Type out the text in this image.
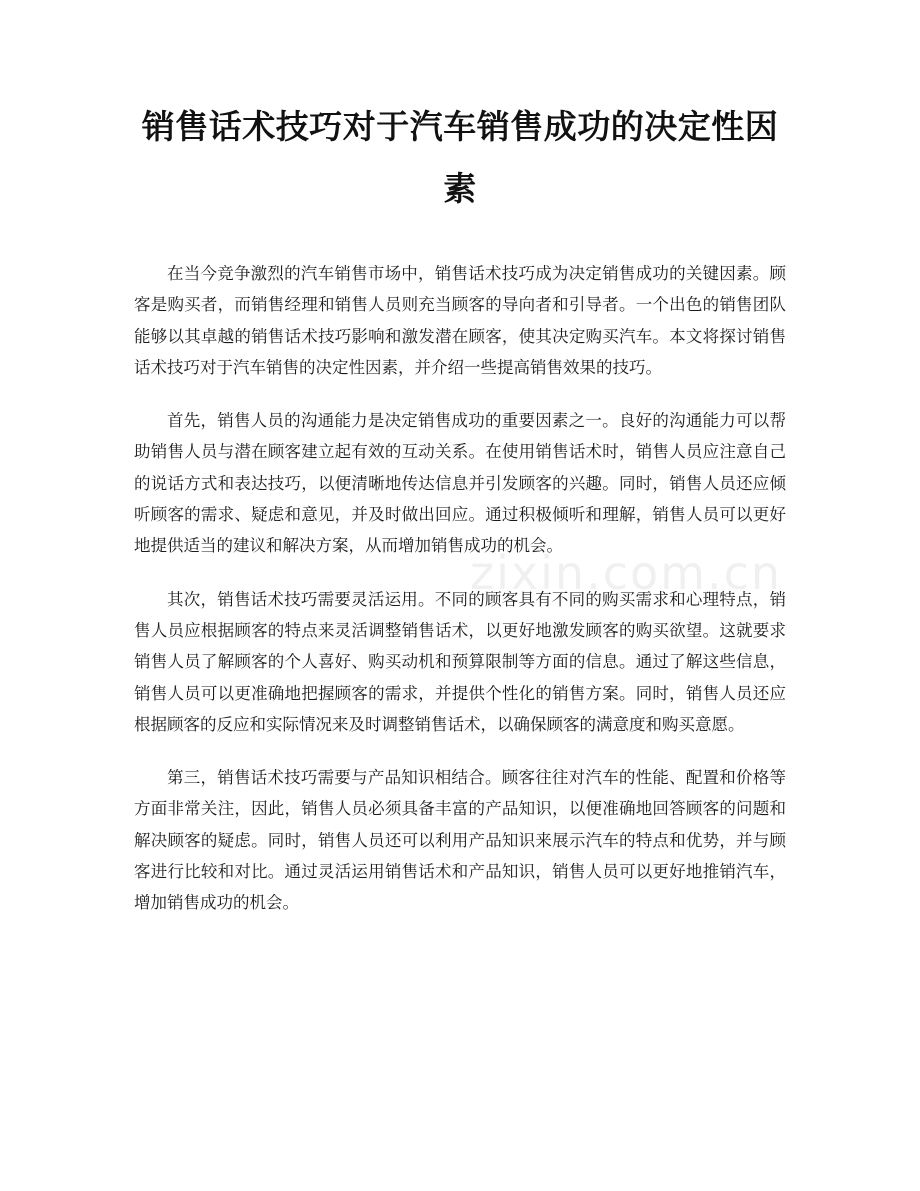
销售话术技巧对于汽车销售成功的决定性因素

在当今竞争激烈的汽车销售市场中，销售话术技巧成为决定销售成功的关键因素。顾客是购买者，而销售经理和销售人员则充当顾客的导向者和引导者。一个出色的销售团队能够以其卓越的销售话术技巧影响和激发潜在顾客，使其决定购买汽车。本文将探讨销售话术技巧对于汽车销售的决定性因素，并介绍一些提高销售效果的技巧。

首先，销售人员的沟通能力是决定销售成功的重要因素之一。良好的沟通能力可以帮助销售人员与潜在顾客建立起有效的互动关系。在使用销售话术时，销售人员应注意自己的说话方式和表达技巧，以便清晰地传达信息并引发顾客的兴趣。同时，销售人员还应倾听顾客的需求、疑虑和意见，并及时做出回应。通过积极倾听和理解，销售人员可以更好地提供适当的建议和解决方案，从而增加销售成功的机会。

其次，销售话术技巧需要灵活运用。不同的顾客具有不同的购买需求和心理特点，销售人员应根据顾客的特点来灵活调整销售话术，以更好地激发顾客的购买欲望。这就要求销售人员了解顾客的个人喜好、购买动机和预算限制等方面的信息。通过了解这些信息，销售人员可以更准确地把握顾客的需求，并提供个性化的销售方案。同时，销售人员还应根据顾客的反应和实际情况来及时调整销售话术，以确保顾客的满意度和购买意愿。

第三，销售话术技巧需要与产品知识相结合。顾客往往对汽车的性能、配置和价格等方面非常关注，因此，销售人员必须具备丰富的产品知识，以便准确地回答顾客的问题和解决顾客的疑虑。同时，销售人员还可以利用产品知识来展示汽车的特点和优势，并与顾客进行比较和对比。通过灵活运用销售话术和产品知识，销售人员可以更好地推销汽车，增加销售成功的机会。

zixin.com.cn
